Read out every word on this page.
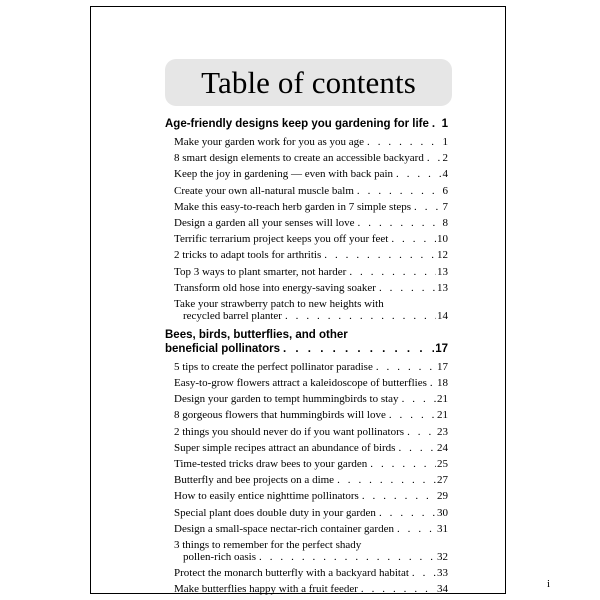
Table of contents
Age-friendly designs keep you gardening for life . . . 1
Make your garden work for you as you age . . .	1
8 smart design elements to create an accessible backyard . . . 2
Keep the joy in gardening — even with back pain . . .	4
Create your own all-natural muscle balm . . .	6
Make this easy-to-reach herb garden in 7 simple steps . . .	7
Design a garden all your senses will love . . .	8
Terrific terrarium project keeps you off your feet . . .	10
2 tricks to adapt tools for arthritis . . .	12
Top 3 ways to plant smarter, not harder . . .	13
Transform old hose into energy-saving soaker . . .	13
Take your strawberry patch to new heights with
recycled barrel planter . . .	14
Bees, birds, butterflies, and other
beneficial pollinators . . .	17
5 tips to create the perfect pollinator paradise . . .	17
Easy-to-grow flowers attract a kaleidoscope of butterflies . . . 18
Design your garden to tempt hummingbirds to stay . . .	21
8 gorgeous flowers that hummingbirds will love . . .	21
2 things you should never do if you want pollinators . . .	23
Super simple recipes attract an abundance of birds . . .	24
Time-tested tricks draw bees to your garden . . .	25
Butterfly and bee projects on a dime . . .	27
How to easily entice nighttime pollinators . . .	29
Special plant does double duty in your garden . . .	30
Design a small-space nectar-rich container garden . . .	31
3 things to remember for the perfect shady
pollen-rich oasis . . .	32
Protect the monarch butterfly with a backyard habitat . . .	33
Make butterflies happy with a fruit feeder . . .	34	i
